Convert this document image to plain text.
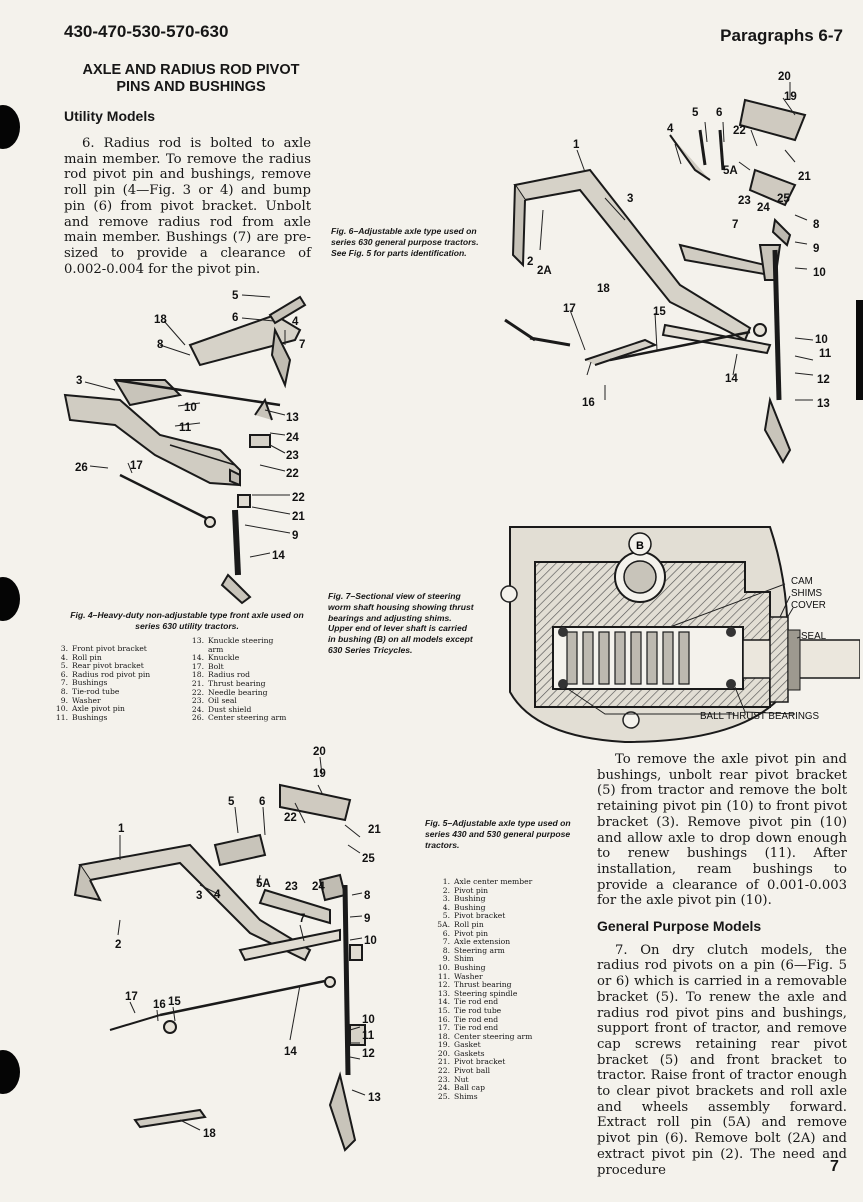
430-470-530-570-630	Paragraphs 6-7
AXLE AND RADIUS ROD PIVOT
PINS AND BUSHINGS
Utility Models

6. Radius rod is bolted to axle main member. To remove the radius rod pivot pin and bushings, remove roll pin (4—Fig. 3 or 4) and bump pin (6) from pivot bracket. Unbolt and remove radius rod from axle main member. Bushings (7) are pre-sized to provide a clearance of 0.002-0.004 for the pivot pin.

Fig. 6–Adjustable axle type used on series 630 general purpose tractors. See Fig. 5 for parts identification.
20
19
5 6
4	22
1
5A	21
3	23
24
25
8
9
7
2
2A	10
18
17	15
10
11
12
14
16	13
5
6	4
18
8	7
3
10
11
13
24
23
26	17
22
22
21
9
14
Fig. 4–Heavy-duty non-adjustable type front axle used on series 630 utility tractors.
3. Front pivot bracket
4. Roll pin
5. Rear pivot bracket
6. Radius rod pivot pin
7. Bushings
8. Tie-rod tube
9. Washer
10. Axle pivot pin
11. Bushings
13. Knuckle steering
arm
14. Knuckle
17. Bolt
18. Radius rod
21. Thrust bearing
22. Needle bearing
23. Oil seal
24. Dust shield
26. Center steering arm
Fig. 7–Sectional view of steering worm shaft housing showing thrust bearings and adjusting shims. Upper end of lever shaft is carried in bushing (B) on all models except 630 Series Tricycles.
B
CAM
SHIMS
COVER
SEAL
BALL THRUST BEARINGS
20
19
5 6
22
1	21
25
4
3
5A 23 24
8
9
10
7
2
17
16 15
10
11
12
14
18
13
Fig. 5–Adjustable axle type used on series 430 and 530 general purpose tractors.
1. Axle center member
2. Pivot pin
3. Bushing
4. Bushing
5. Pivot bracket
5A. Roll pin
6. Pivot pin
7. Axle extension
8. Steering arm
9. Shim
10. Bushing
11. Washer
12. Thrust bearing
13. Steering spindle
14. Tie rod end
15. Tie rod tube
16. Tie rod end
17. Tie rod end
18. Center steering arm
19. Gasket
20. Gaskets
21. Pivot bracket
22. Pivot ball
23. Nut
24. Ball cap
25. Shims

To remove the axle pivot pin and bushings, unbolt rear pivot bracket (5) from tractor and remove the bolt retaining pivot pin (10) to front pivot bracket (3). Remove pivot pin (10) and allow axle to drop down enough to renew bushings (11). After installation, ream bushings to provide a clearance of 0.001-0.003 for the axle pivot pin (10).

General Purpose Models

7. On dry clutch models, the radius rod pivots on a pin (6—Fig. 5 or 6) which is carried in a removable bracket (5). To renew the axle and radius rod pivot pins and bushings, support front of tractor, and remove cap screws retaining rear pivot bracket (5) and front bracket to tractor. Raise front of tractor enough to clear pivot brackets and roll axle and wheels assembly forward. Extract roll pin (5A) and remove pivot pin (6). Remove bolt (2A) and extract pivot pin (2). The need and procedure	7
